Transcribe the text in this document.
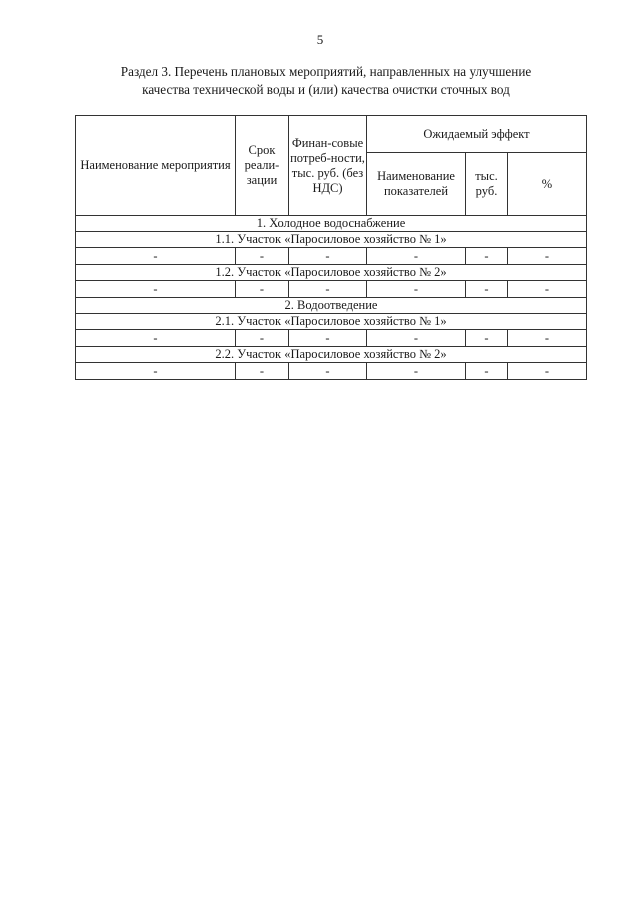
5
Раздел 3. Перечень плановых мероприятий, направленных на улучшение
качества технической воды и (или) качества очистки сточных вод
Наименование мероприятия	Срок реали-зации	Финан-совые потреб-ности, тыс. руб. (без НДС)	Ожидаемый эффект		

			Наименование показателей	тыс. руб.	%
1. Холодное водоснабжение					
1.1. Участок «Паросиловое хозяйство № 1»					
-	-	-	-	-	-
1.2. Участок «Паросиловое хозяйство № 2»					
-	-	-	-	-	-
2. Водоотведение					
2.1. Участок «Паросиловое хозяйство № 1»					
-	-	-	-	-	-
2.2. Участок «Паросиловое хозяйство № 2»					
-	-	-	-	-	-
